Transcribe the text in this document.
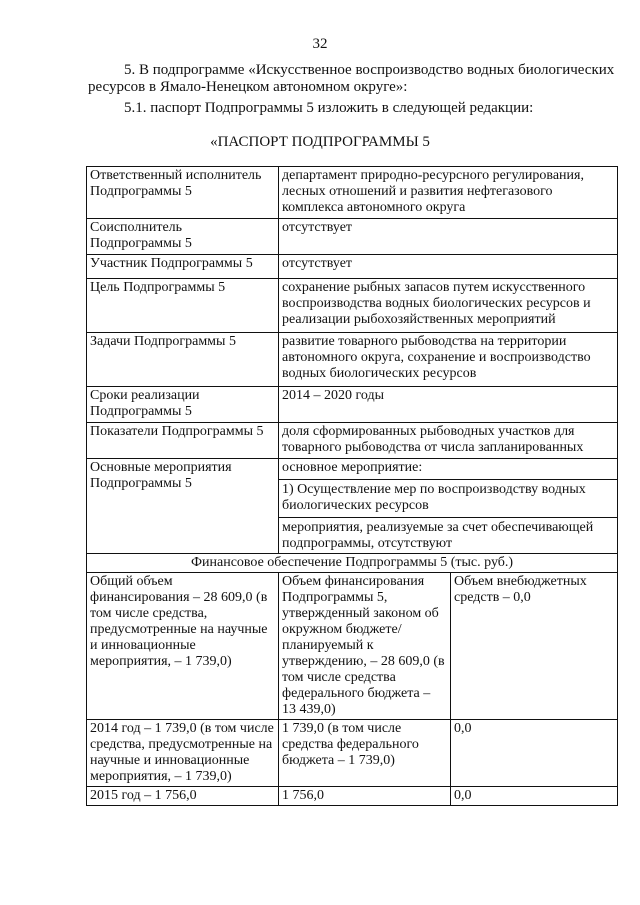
32

5. В подпрограмме «Искусственное воспроизводство водных биологических ресурсов в Ямало-Ненецком автономном округе»:

5.1. паспорт Подпрограммы 5 изложить в следующей редакции:

«ПАСПОРТ ПОДПРОГРАММЫ 5
Ответственный исполнитель Подпрограммы 5	департамент природно-ресурсного регулирования, лесных отношений и развития нефтегазового комплекса автономного округа	
Соисполнитель Подпрограммы 5	отсутствует	
Участник Подпрограммы 5	отсутствует	
Цель Подпрограммы 5	сохранение рыбных запасов путем искусственного воспроизводства водных биологических ресурсов и реализации рыбохозяйственных мероприятий	
Задачи Подпрограммы 5	развитие товарного рыбоводства на территории автономного округа, сохранение и воспроизводство водных биологических ресурсов	
Сроки реализации Подпрограммы 5	2014 – 2020 годы	
Показатели Подпрограммы 5	доля сформированных рыбоводных участков для товарного рыбоводства от числа запланированных	
Основные мероприятия Подпрограммы 5	основное мероприятие:
1) Осуществление мер по воспроизводству водных биологических ресурсов
мероприятия, реализуемые за счет обеспечивающей подпрограммы, отсутствуют	

Финансовое обеспечение Подпрограммы 5 (тыс. руб.)		
Общий объем финансирования – 28 609,0 (в том числе средства, предусмотренные на научные и инновационные мероприятия, – 1 739,0)	Объем финансирования Подпрограммы 5, утвержденный законом об окружном бюджете/ планируемый к утверждению, – 28 609,0 (в том числе средства федерального бюджета – 13 439,0)	Объем внебюджетных средств – 0,0
2014 год – 1 739,0 (в том числе средства, предусмотренные на научные и инновационные мероприятия, – 1 739,0)	1 739,0 (в том числе средства федерального бюджета – 1 739,0)	0,0
2015 год – 1 756,0	1 756,0	0,0
